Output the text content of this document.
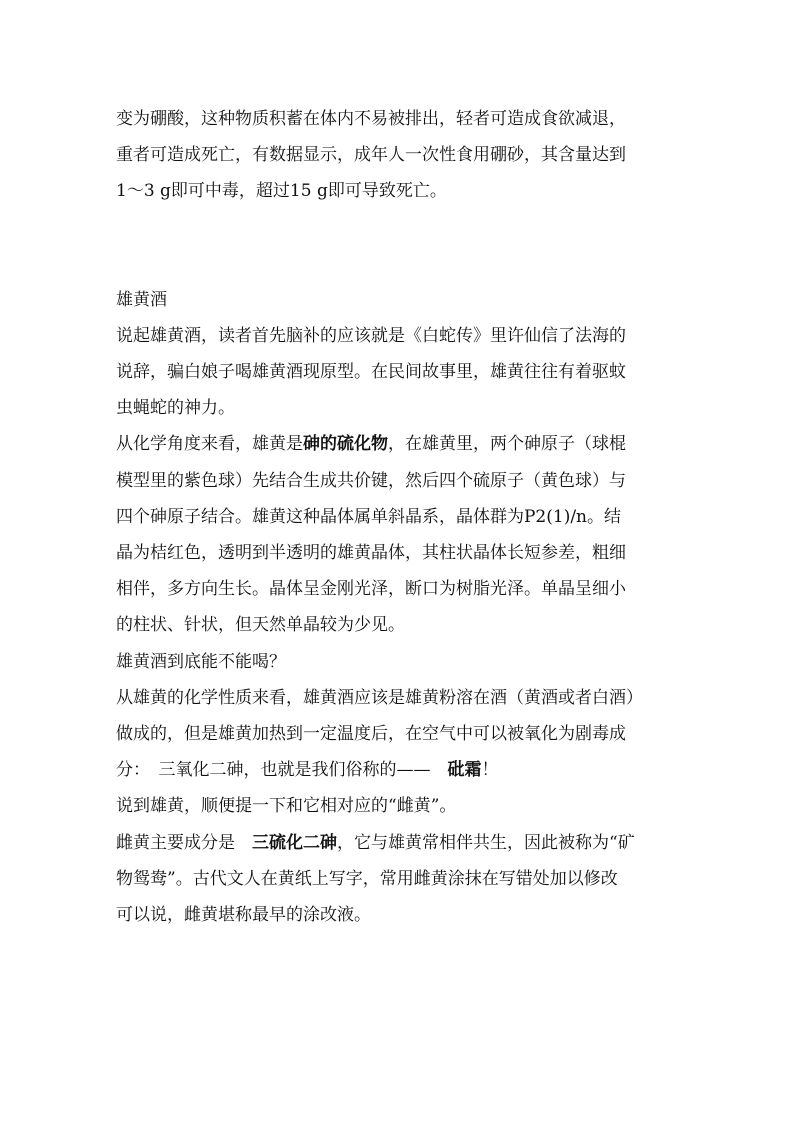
变为硼酸，这种物质积蓄在体内不易被排出，轻者可造成食欲减退，

重者可造成死亡，有数据显示，成年人一次性食用硼砂，其含量达到

1～3 g即可中毒，超过15 g即可导致死亡。

雄黄酒

说起雄黄酒，读者首先脑补的应该就是《白蛇传》里许仙信了法海的

说辞，骗白娘子喝雄黄酒现原型。在民间故事里，雄黄往往有着驱蚊

虫蝇蛇的神力。

从化学角度来看，雄黄是砷的硫化物，在雄黄里，两个砷原子（球棍

模型里的紫色球）先结合生成共价键，然后四个硫原子（黄色球）与

四个砷原子结合。雄黄这种晶体属单斜晶系，晶体群为P2(1)/n。结

晶为桔红色，透明到半透明的雄黄晶体，其柱状晶体长短参差，粗细

相伴，多方向生长。晶体呈金刚光泽，断口为树脂光泽。单晶呈细小

的柱状、针状，但天然单晶较为少见。

雄黄酒到底能不能喝？

从雄黄的化学性质来看，雄黄酒应该是雄黄粉溶在酒（黄酒或者白酒）

做成的，但是雄黄加热到一定温度后，在空气中可以被氧化为剧毒成

分：　三氧化二砷，也就是我们俗称的——　砒霜！

说到雄黄，顺便提一下和它相对应的“雌黄”。

雌黄主要成分是　三硫化二砷，它与雄黄常相伴共生，因此被称为“矿

物鸳鸯”。古代文人在黄纸上写字，常用雌黄涂抹在写错处加以修改

可以说，雌黄堪称最早的涂改液。
